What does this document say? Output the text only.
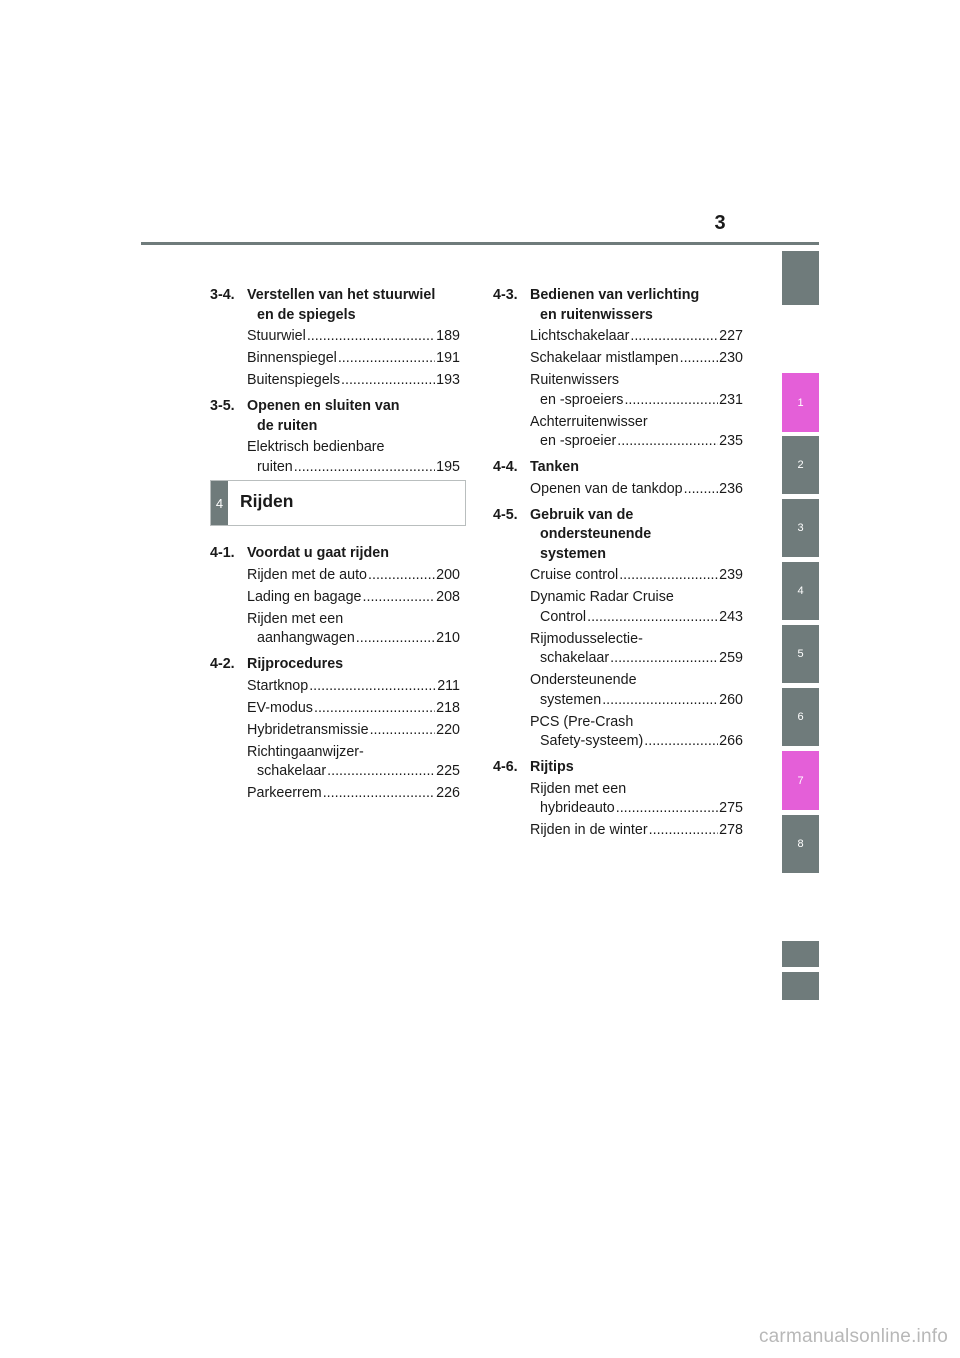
3
1
2
3
4
5
6
7
8
3-4. Verstellen van het stuurwiel
en de spiegels
Stuurwiel .....	189
Binnenspiegel .....	191
Buitenspiegels .....	193
3-5. Openen en sluiten van
de ruiten
Elektrisch bedienbare
ruiten .....	195
4 Rijden
4-1. Voordat u gaat rijden
Rijden met de auto .....	200
Lading en bagage .....	208
Rijden met een
aanhangwagen .....	210
4-2. Rijprocedures
Startknop .....	211
EV-modus .....	218
Hybridetransmissie .....	220
Richtingaanwijzer-
schakelaar .....	225
Parkeerrem .....	226
4-3. Bedienen van verlichting
en ruitenwissers
Lichtschakelaar .....	227
Schakelaar mistlampen .....	230
Ruitenwissers
en -sproeiers .....	231
Achterruitenwisser
en -sproeier .....	235
4-4. Tanken
Openen van de tankdop .....	236
4-5. Gebruik van de
ondersteunende
systemen
Cruise control .....	239
Dynamic Radar Cruise
Control .....	243
Rijmodusselectie-
schakelaar .....	259
Ondersteunende
systemen .....	260
PCS (Pre-Crash
Safety-systeem) .....	266
4-6. Rijtips
Rijden met een
hybrideauto .....	275
Rijden in de winter .....	278
carmanualsonline.info
